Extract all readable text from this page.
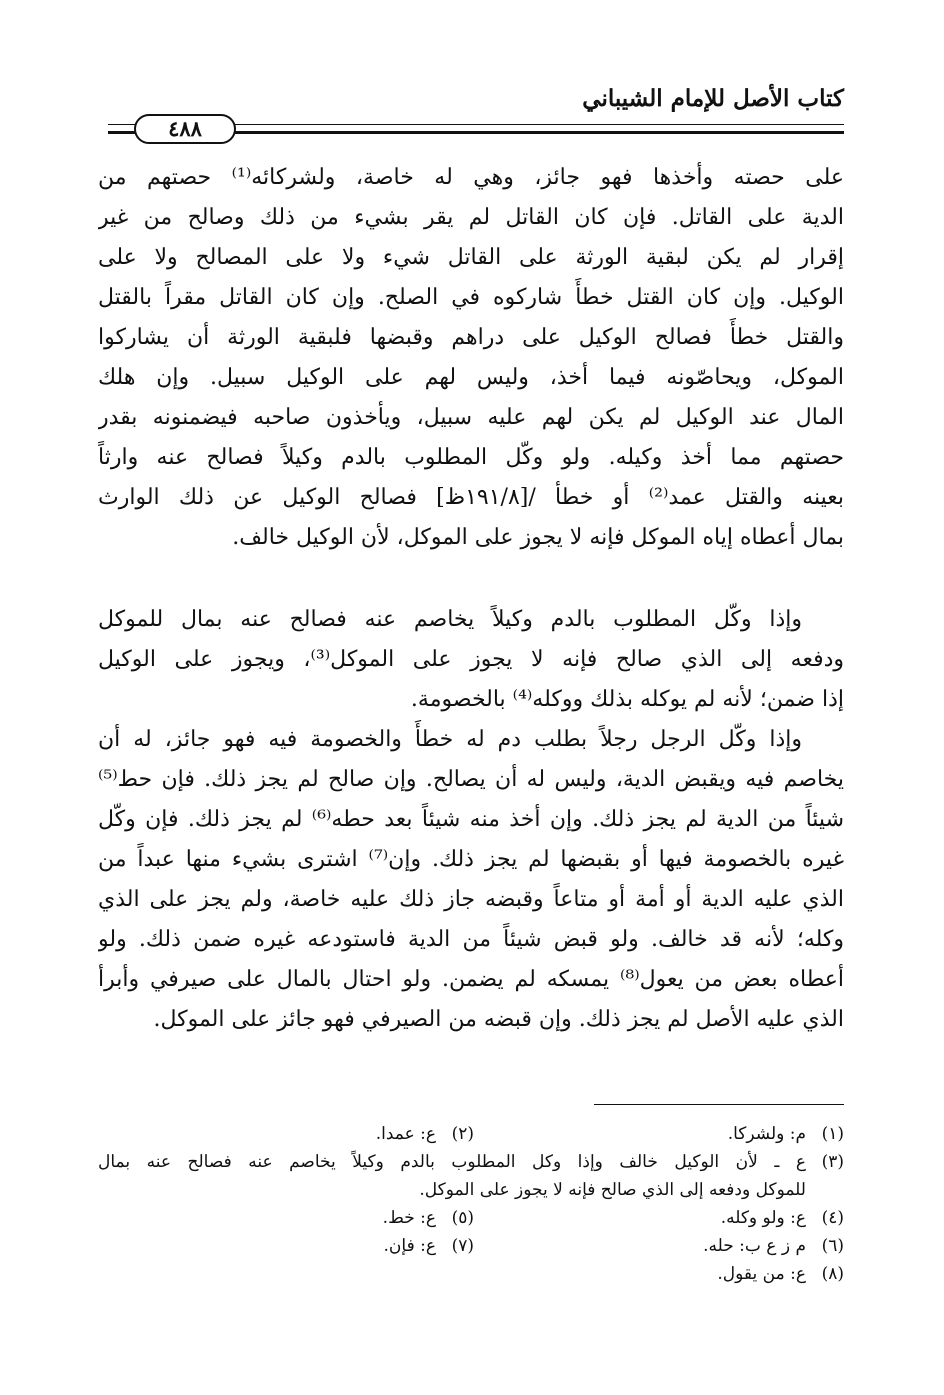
كتاب الأصل للإمام الشيباني
٤٨٨
على حصته وأخذها فهو جائز، وهي له خاصة، ولشركائه⁽¹⁾ حصتهم من
الدية على القاتل. فإن كان القاتل لم يقر بشيء من ذلك وصالح من غير
إقرار لم يكن لبقية الورثة على القاتل شيء ولا على المصالح ولا على
الوكيل. وإن كان القتل خطأً شاركوه في الصلح. وإن كان القاتل مقراً بالقتل
والقتل خطأً فصالح الوكيل على دراهم وقبضها فلبقية الورثة أن يشاركوا
الموكل، ويحاصّونه فيما أخذ، وليس لهم على الوكيل سبيل. وإن هلك
المال عند الوكيل لم يكن لهم عليه سبيل، ويأخذون صاحبه فيضمنونه بقدر
حصتهم مما أخذ وكيله. ولو وكّل المطلوب بالدم وكيلاً فصالح عنه وارثاً
بعينه والقتل عمد⁽²⁾ أو خطأ /[١٩١/٨ظ] فصالح الوكيل عن ذلك الوارث
بمال أعطاه إياه الموكل فإنه لا يجوز على الموكل، لأن الوكيل خالف.
وإذا وكّل المطلوب بالدم وكيلاً يخاصم عنه فصالح عنه بمال للموكل
ودفعه إلى الذي صالح فإنه لا يجوز على الموكل⁽³⁾، ويجوز على الوكيل
إذا ضمن؛ لأنه لم يوكله بذلك ووكله⁽⁴⁾ بالخصومة.
وإذا وكّل الرجل رجلاً بطلب دم له خطأً والخصومة فيه فهو جائز، له أن
يخاصم فيه ويقبض الدية، وليس له أن يصالح. وإن صالح لم يجز ذلك. فإن حط⁽⁵⁾
شيئاً من الدية لم يجز ذلك. وإن أخذ منه شيئاً بعد حطه⁽⁶⁾ لم يجز ذلك. فإن وكّل
غيره بالخصومة فيها أو بقبضها لم يجز ذلك. وإن⁽⁷⁾ اشترى بشيء منها عبداً من
الذي عليه الدية أو أمة أو متاعاً وقبضه جاز ذلك عليه خاصة، ولم يجز على الذي
وكله؛ لأنه قد خالف. ولو قبض شيئاً من الدية فاستودعه غيره ضمن ذلك. ولو
أعطاه بعض من يعول⁽⁸⁾ يمسكه لم يضمن. ولو احتال بالمال على صيرفي وأبرأ
الذي عليه الأصل لم يجز ذلك. وإن قبضه من الصيرفي فهو جائز على الموكل.
(١)
م: ولشركا.
(٢)
ع: عمدا.
(٣)
ع ـ لأن الوكيل خالف وإذا وكل المطلوب بالدم وكيلاً يخاصم عنه فصالح عنه بمال
للموكل ودفعه إلى الذي صالح فإنه لا يجوز على الموكل.
(٤)
ع: ولو وكله.
(٥)
ع: خط.
(٦)
م ز ع ب: حله.
(٧)
ع: فإن.
(٨)
ع: من يقول.
